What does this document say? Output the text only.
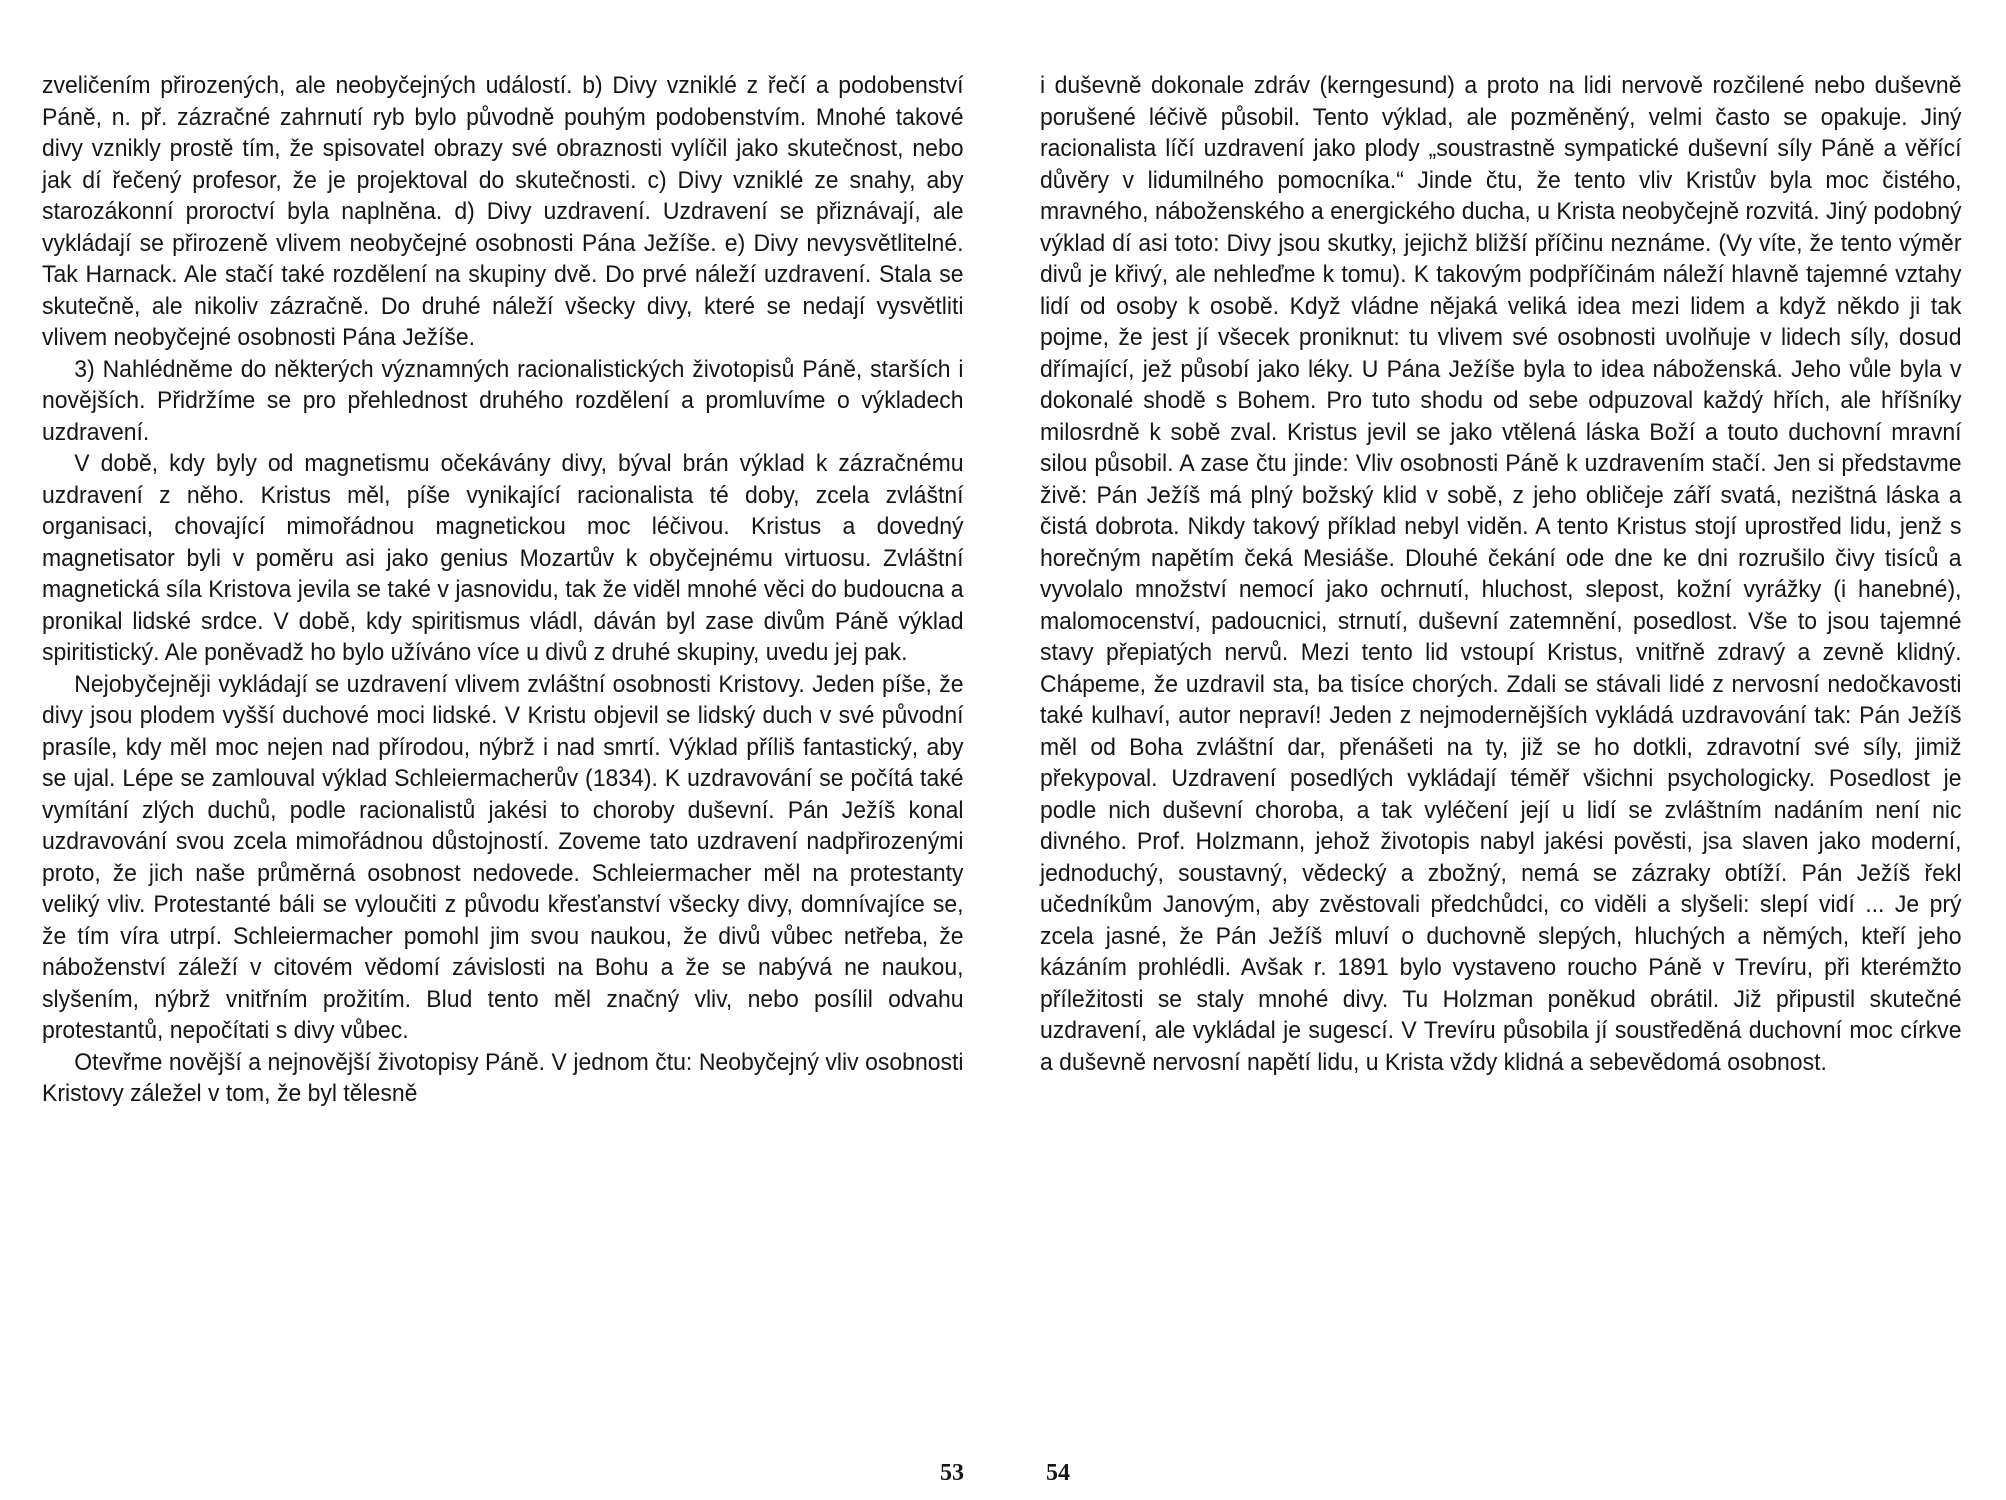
zveličením přirozených, ale neobyčejných událostí. b) Divy vzniklé z řečí a podobenství Páně, n. př. zázračné zahrnutí ryb bylo původně pouhým podobenstvím. Mnohé takové divy vznikly prostě tím, že spisovatel obrazy své obraznosti vylíčil jako skutečnost, nebo jak dí řečený profesor, že je projektoval do skutečnosti. c) Divy vzniklé ze snahy, aby starozákonní proroctví byla naplněna. d) Divy uzdravení. Uzdravení se přiznávají, ale vykládají se přirozeně vlivem neobyčejné osobnosti Pána Ježíše. e) Divy nevysvětlitelné. Tak Harnack. Ale stačí také rozdělení na skupiny dvě. Do prvé náleží uzdravení. Stala se skutečně, ale nikoliv zázračně. Do druhé náleží všecky divy, které se nedají vysvětliti vlivem neobyčejné osobnosti Pána Ježíše.

3) Nahlédněme do některých významných racionalistických životopisů Páně, starších i novějších. Přidržíme se pro přehlednost druhého rozdělení a promluvíme o výkladech uzdravení.

V době, kdy byly od magnetismu očekávány divy, býval brán výklad k zázračnému uzdravení z něho. Kristus měl, píše vynikající racionalista té doby, zcela zvláštní organisaci, chovající mimořádnou magnetickou moc léčivou. Kristus a dovedný magnetisator byli v poměru asi jako genius Mozartův k obyčejnému virtuosu. Zvláštní magnetická síla Kristova jevila se také v jasnovidu, tak že viděl mnohé věci do budoucna a pronikal lidské srdce. V době, kdy spiritismus vládl, dáván byl zase divům Páně výklad spiritistický. Ale poněvadž ho bylo užíváno více u divů z druhé skupiny, uvedu jej pak.

Nejobyčejněji vykládají se uzdravení vlivem zvláštní osobnosti Kristovy. Jeden píše, že divy jsou plodem vyšší duchové moci lidské. V Kristu objevil se lidský duch v své původní prasíle, kdy měl moc nejen nad přírodou, nýbrž i nad smrtí. Výklad příliš fantastický, aby se ujal. Lépe se zamlouval výklad Schleiermacherův (1834). K uzdravování se počítá také vymítání zlých duchů, podle racionalistů jakési to choroby duševní. Pán Ježíš konal uzdravování svou zcela mimořádnou důstojností. Zoveme tato uzdravení nadpřirozenými proto, že jich naše průměrná osobnost nedovede. Schleiermacher měl na protestanty veliký vliv. Protestanté báli se vyloučiti z původu křesťanství všecky divy, domnívajíce se, že tím víra utrpí. Schleiermacher pomohl jim svou naukou, že divů vůbec netřeba, že náboženství záleží v citovém vědomí závislosti na Bohu a že se nabývá ne naukou, slyšením, nýbrž vnitřním prožitím. Blud tento měl značný vliv, nebo posílil odvahu protestantů, nepočítati s divy vůbec.

Otevřme novější a nejnovější životopisy Páně. V jednom čtu: Neobyčejný vliv osobnosti Kristovy záležel v tom, že byl tělesně

i duševně dokonale zdráv (kerngesund) a proto na lidi nervově rozčilené nebo duševně porušené léčivě působil. Tento výklad, ale pozměněný, velmi často se opakuje. Jiný racionalista líčí uzdravení jako plody „soustrastně sympatické duševní síly Páně a věřící důvěry v lidumilného pomocníka.“ Jinde čtu, že tento vliv Kristův byla moc čistého, mravného, náboženského a energického ducha, u Krista neobyčejně rozvitá. Jiný podobný výklad dí asi toto: Divy jsou skutky, jejichž bližší příčinu neznáme. (Vy víte, že tento výměr divů je křivý, ale nehleďme k tomu). K takovým podpříčinám náleží hlavně tajemné vztahy lidí od osoby k osobě. Když vládne nějaká veliká idea mezi lidem a když někdo ji tak pojme, že jest jí všecek proniknut: tu vlivem své osobnosti uvolňuje v lidech síly, dosud dřímající, jež působí jako léky. U Pána Ježíše byla to idea náboženská. Jeho vůle byla v dokonalé shodě s Bohem. Pro tuto shodu od sebe odpuzoval každý hřích, ale hříšníky milosrdně k sobě zval. Kristus jevil se jako vtělená láska Boží a touto duchovní mravní silou působil. A zase čtu jinde: Vliv osobnosti Páně k uzdravením stačí. Jen si představme živě: Pán Ježíš má plný božský klid v sobě, z jeho obličeje září svatá, nezištná láska a čistá dobrota. Nikdy takový příklad nebyl viděn. A tento Kristus stojí uprostřed lidu, jenž s horečným napětím čeká Mesiáše. Dlouhé čekání ode dne ke dni rozrušilo čivy tisíců a vyvolalo množství nemocí jako ochrnutí, hluchost, slepost, kožní vyrážky (i hanebné), malomocenství, padoucnici, strnutí, duševní zatemnění, posedlost. Vše to jsou tajemné stavy přepiatých nervů. Mezi tento lid vstoupí Kristus, vnitřně zdravý a zevně klidný. Chápeme, že uzdravil sta, ba tisíce chorých. Zdali se stávali lidé z nervosní nedočkavosti také kulhaví, autor nepraví! Jeden z nejmodernějších vykládá uzdravování tak: Pán Ježíš měl od Boha zvláštní dar, přenášeti na ty, již se ho dotkli, zdravotní své síly, jimiž překypoval. Uzdravení posedlých vykládají téměř všichni psychologicky. Posedlost je podle nich duševní choroba, a tak vyléčení její u lidí se zvláštním nadáním není nic divného. Prof. Holzmann, jehož životopis nabyl jakési pověsti, jsa slaven jako moderní, jednoduchý, soustavný, vědecký a zbožný, nemá se zázraky obtíží. Pán Ježíš řekl učedníkům Janovým, aby zvěstovali předchůdci, co viděli a slyšeli: slepí vidí ... Je prý zcela jasné, že Pán Ježíš mluví o duchovně slepých, hluchých a němých, kteří jeho kázáním prohlédli. Avšak r. 1891 bylo vystaveno roucho Páně v Trevíru, při kterémžto příležitosti se staly mnohé divy. Tu Holzman poněkud obrátil. Již připustil skutečné uzdravení, ale vykládal je sugescí. V Trevíru působila jí soustředěná duchovní moc církve a duševně nervosní napětí lidu, u Krista vždy klidná a sebevědomá osobnost.

53	54
